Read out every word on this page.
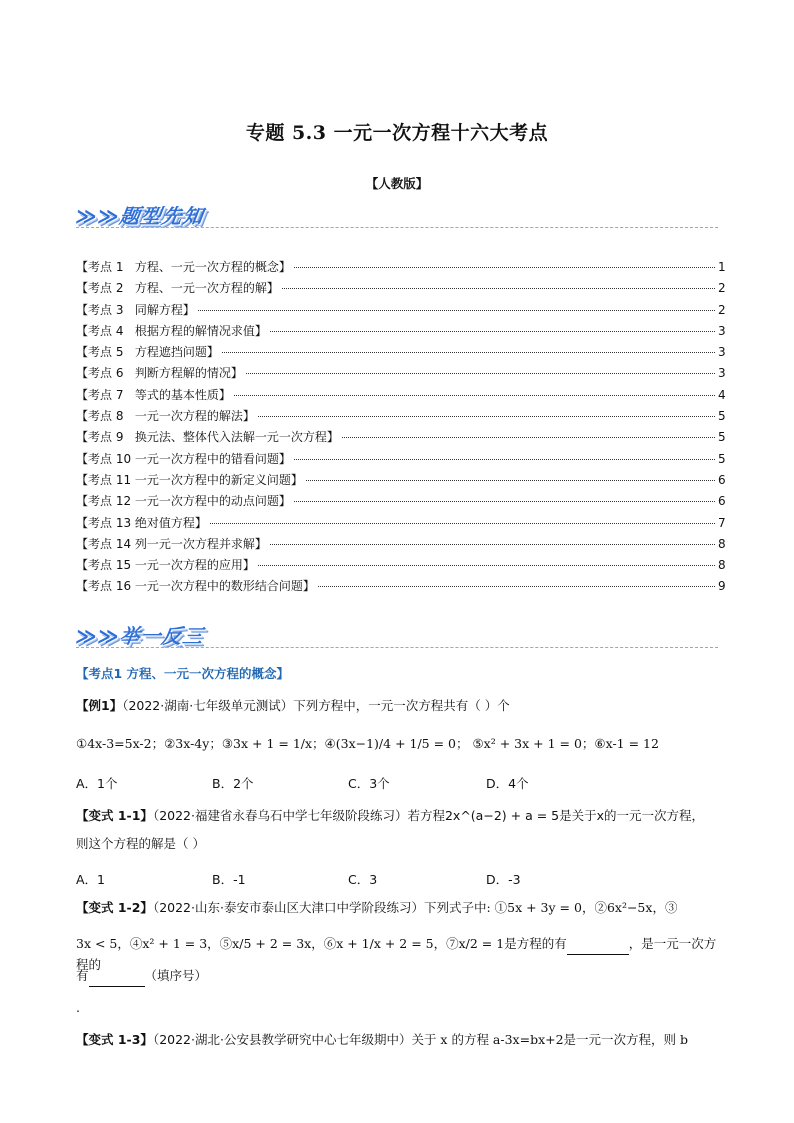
专题 5.3 一元一次方程十六大考点
【人教版】
≫≫题型先知
【考点 1   方程、一元一次方程的概念】	1
【考点 2   方程、一元一次方程的解】	2
【考点 3   同解方程】	2
【考点 4   根据方程的解情况求值】	3
【考点 5   方程遮挡问题】	3
【考点 6   判断方程解的情况】	3
【考点 7   等式的基本性质】	4
【考点 8   一元一次方程的解法】	5
【考点 9   换元法、整体代入法解一元一次方程】	5
【考点 10 一元一次方程中的错看问题】	5
【考点 11 一元一次方程中的新定义问题】	6
【考点 12 一元一次方程中的动点问题】	6
【考点 13 绝对值方程】	7
【考点 14 列一元一次方程并求解】	8
【考点 15 一元一次方程的应用】	8
【考点 16 一元一次方程中的数形结合问题】	9
≫≫举一反三
【考点1 方程、一元一次方程的概念】
【例1】（2022·湖南·七年级单元测试）下列方程中，一元一次方程共有（ ）个
①4x-3=5x-2；②3x-4y；③3x + 1 = 1/x；④(3x−1)/4 + 1/5 = 0； ⑤x² + 3x + 1 = 0；⑥x-1 = 12
A．1个	B．2个	C．3个	D．4个
【变式 1-1】（2022·福建省永春乌石中学七年级阶段练习）若方程2x^(a−2) + a = 5是关于x的一元一次方程，
则这个方程的解是（ ）
A．1	B．-1	C．3	D．-3
【变式 1-2】（2022·山东·泰安市泰山区大津口中学阶段练习）下列式子中: ①5x + 3y = 0，②6x²−5x，③
3x < 5，④x² + 1 = 3，⑤x/5 + 2 = 3x，⑥x + 1/x + 2 = 5，⑦x/2 = 1是方程的有	，是一元一次方程的
有	（填序号）
.
【变式 1-3】（2022·湖北·公安县教学研究中心七年级期中）关于 x 的方程 a-3x=bx+2是一元一次方程，则 b
